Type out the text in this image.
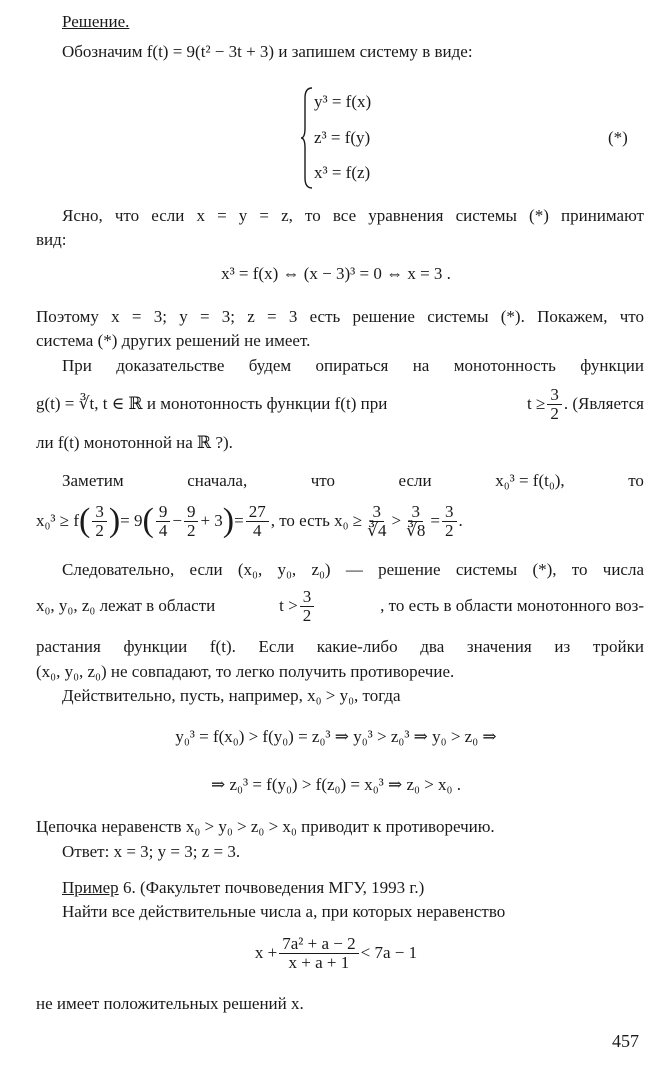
Решение.
Обозначим f(t) = 9(t² − 3t + 3) и запишем систему в виде:
y³ = f(x)
z³ = f(y)
x³ = f(z)
(*)
Ясно, что если x = y = z, то все уравнения системы (*) принимают
вид:
x³ = f(x) ⇔ (x − 3)³ = 0 ⇔ x = 3 .
Поэтому x = 3; y = 3; z = 3 есть решение системы (*). Покажем, что
система (*) других решений не имеет.
При доказательстве будем опираться на монотонность функции
g(t) = ∛t, t ∈ ℝ и монотонность функции f(t) при	$t \ge \frac{3}{2}$ . (Является
ли f(t) монотонной на ℝ ?).
Заметим	сначала,	что	если	x₀³ = f(t₀),	то
x₀³ ≥ f ( $\frac{3}{2}$ ) = 9 ( $\frac{9}{4} - \frac{9}{2} + 3$ ) = $\frac{27}{4}$ , то есть $x_0 \ge \frac{3}{∛4} > \frac{3}{∛8} = \frac{3}{2}$ .
Следовательно, если (x₀, y₀, z₀) — решение системы (*), то числа
x₀, y₀, z₀ лежат в области	$t > \frac{3}{2}$	, то есть в области монотонного воз-
растания функции f(t). Если какие-либо два значения из тройки
(x₀, y₀, z₀) не совпадают, то легко получить противоречие.
Действительно, пусть, например, x₀ > y₀, тогда
y₀³ = f(x₀) > f(y₀) = z₀³ ⇒ y₀³ > z₀³ ⇒ y₀ > z₀ ⇒
⇒ z₀³ = f(y₀) > f(z₀) = x₀³ ⇒ z₀ > x₀ .
Цепочка неравенств x₀ > y₀ > z₀ > x₀ приводит к противоречию.
Ответ: x = 3; y = 3; z = 3.
Пример 6. (Факультет почвоведения МГУ, 1993 г.)
Найти все действительные числа a, при которых неравенство
$x + \frac{\text{7a² + a − 2}}{x + a + 1} < 7a - 1$
не имеет положительных решений x.
457
